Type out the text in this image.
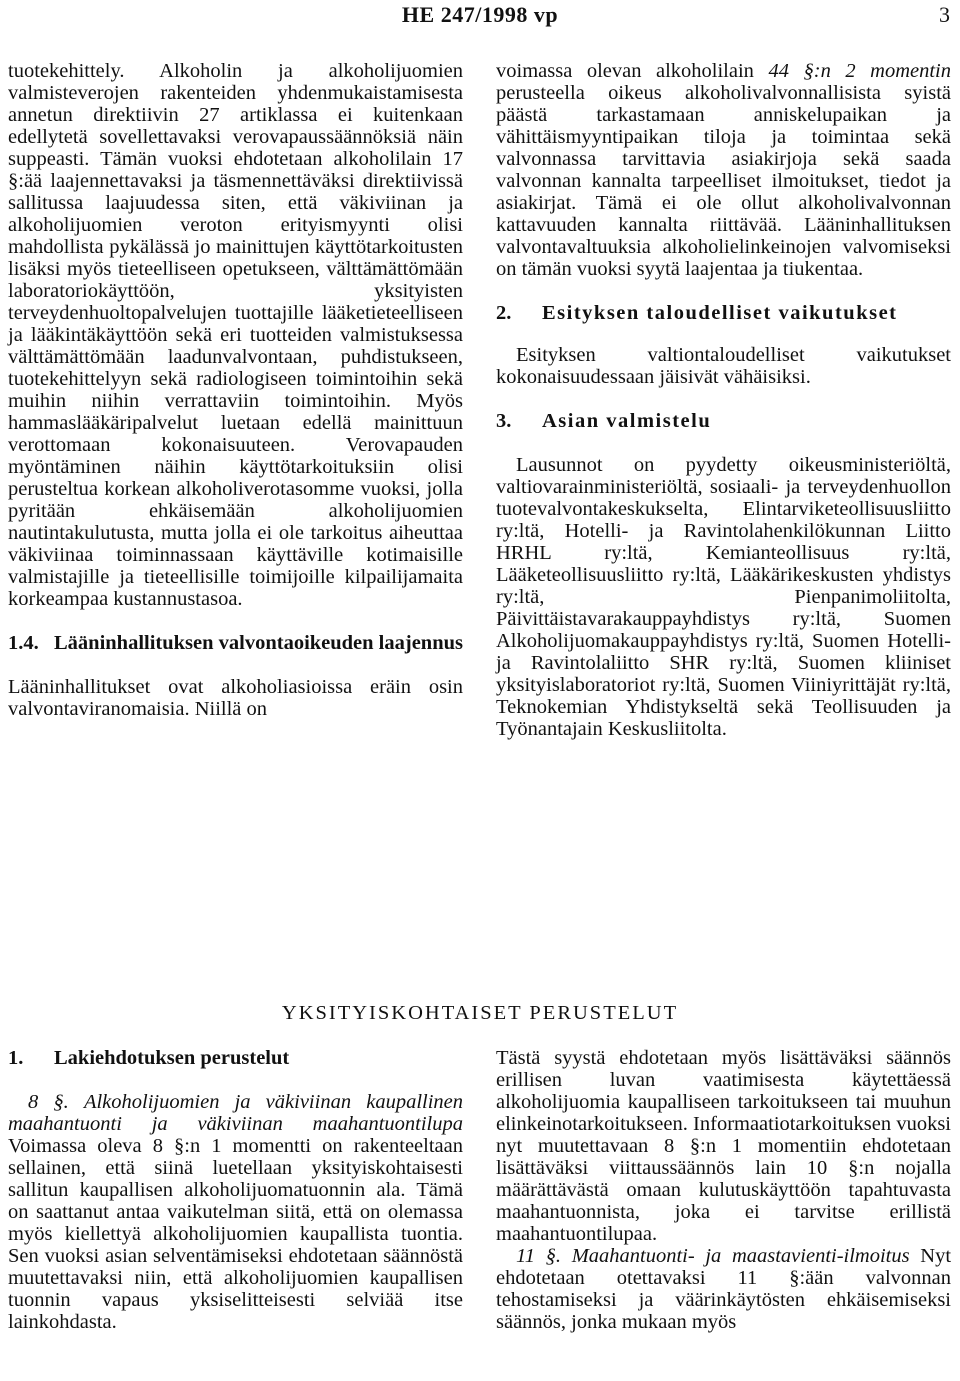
HE 247/1998 vp	3

tuotekehittely. Alkoholin ja alkoholijuomien valmisteverojen rakenteiden yhdenmukaistamisesta annetun direktiivin 27 artiklassa ei kuitenkaan edellytetä sovellettavaksi verovapaussäännöksiä näin suppeasti. Tämän vuoksi ehdotetaan alkoholilain 17 §:ää laajennettavaksi ja täsmennettäväksi direktiivissä sallitussa laajuudessa siten, että väkiviinan ja alkoholijuomien veroton erityismyynti olisi mahdollista pykälässä jo mainittujen käyttötarkoitusten lisäksi myös tieteelliseen opetukseen, välttämättömään laboratoriokäyttöön, yksityisten terveydenhuoltopalvelujen tuottajille lääketieteelliseen ja lääkintäkäyttöön sekä eri tuotteiden valmistuksessa välttämättömään laadunvalvontaan, puhdistukseen, tuotekehittelyyn sekä radiologiseen toimintoihin sekä muihin niihin verrattaviin toimintoihin. Myös hammaslääkäripalvelut luetaan edellä mainittuun verottomaan kokonaisuuteen. Verovapauden myöntäminen näihin käyttötarkoituksiin olisi perusteltua korkean alkoholiverotasomme vuoksi, jolla pyritään ehkäisemään alkoholijuomien nautintakulutusta, mutta jolla ei ole tarkoitus aiheuttaa väkiviinaa toiminnassaan käyttäville kotimaisille valmistajille ja tieteellisille toimijoille kilpailijamaita korkeampaa kustannustasoa.

1.4. Lääninhallituksen valvontaoikeuden laajennus

Lääninhallitukset ovat alkoholiasioissa eräin osin valvontaviranomaisia. Niillä on

voimassa olevan alkoholilain 44 §:n 2 momentin perusteella oikeus alkoholivalvonnallisista syistä päästä tarkastamaan anniskelupaikan ja vähittäismyyntipaikan tiloja ja toimintaa sekä valvonnassa tarvittavia asiakirjoja sekä saada valvonnan kannalta tarpeelliset ilmoitukset, tiedot ja asiakirjat. Tämä ei ole ollut alkoholivalvonnan kattavuuden kannalta riittävää. Lääninhallituksen valvontavaltuuksia alkoholielinkeinojen valvomiseksi on tämän vuoksi syytä laajentaa ja tiukentaa.

2. Esityksen taloudelliset vaikutukset

Esityksen valtiontaloudelliset vaikutukset kokonaisuudessaan jäisivät vähäisiksi.

3. Asian valmistelu

Lausunnot on pyydetty oikeusministeriöltä, valtiovarainministeriöltä, sosiaali- ja terveydenhuollon tuotevalvontakeskukselta, Elintarviketeollisuusliitto ry:ltä, Hotelli- ja Ravintolahenkilökunnan Liitto HRHL ry:ltä, Kemianteollisuus ry:ltä, Lääketeollisuusliitto ry:ltä, Lääkärikeskusten yhdistys ry:ltä, Pienpanimoliitolta, Päivittäistavarakauppayhdistys ry:ltä, Suomen Alkoholijuomakauppayhdistys ry:ltä, Suomen Hotelli- ja Ravintolaliitto SHR ry:ltä, Suomen kliiniset yksityislaboratoriot ry:ltä, Suomen Viiniyrittäjät ry:ltä, Teknokemian Yhdistykseltä sekä Teollisuuden ja Työnantajain Keskusliitolta.

YKSITYISKOHTAISET PERUSTELUT

1. Lakiehdotuksen perustelut

8 §. Alkoholijuomien ja väkiviinan kaupallinen maahantuonti ja väkiviinan maahantuontilupa Voimassa oleva 8 §:n 1 momentti on rakenteeltaan sellainen, että siinä luetellaan yksityiskohtaisesti sallitun kaupallisen alkoholijuomatuonnin ala. Tämä on saattanut antaa vaikutelman siitä, että on olemassa myös kiellettyä alkoholijuomien kaupallista tuontia. Sen vuoksi asian selventämiseksi ehdotetaan säännöstä muutettavaksi niin, että alkoholijuomien kaupallisen tuonnin vapaus yksiselitteisesti selviää itse lainkohdasta.

Tästä syystä ehdotetaan myös lisättäväksi säännös erillisen luvan vaatimisesta käytettäessä alkoholijuomia kaupalliseen tarkoitukseen tai muuhun elinkeinotarkoitukseen. Informaatiotarkoituksen vuoksi nyt muutettavaan 8 §:n 1 momentiin ehdotetaan lisättäväksi viittaussäännös lain 10 §:n nojalla määrättävästä omaan kulutuskäyttöön tapahtuvasta maahantuonnista, joka ei tarvitse erillistä maahantuontilupaa.

11 §. Maahantuonti- ja maastavienti-ilmoitus Nyt ehdotetaan otettavaksi 11 §:ään valvonnan tehostamiseksi ja väärinkäytösten ehkäisemiseksi säännös, jonka mukaan myös
